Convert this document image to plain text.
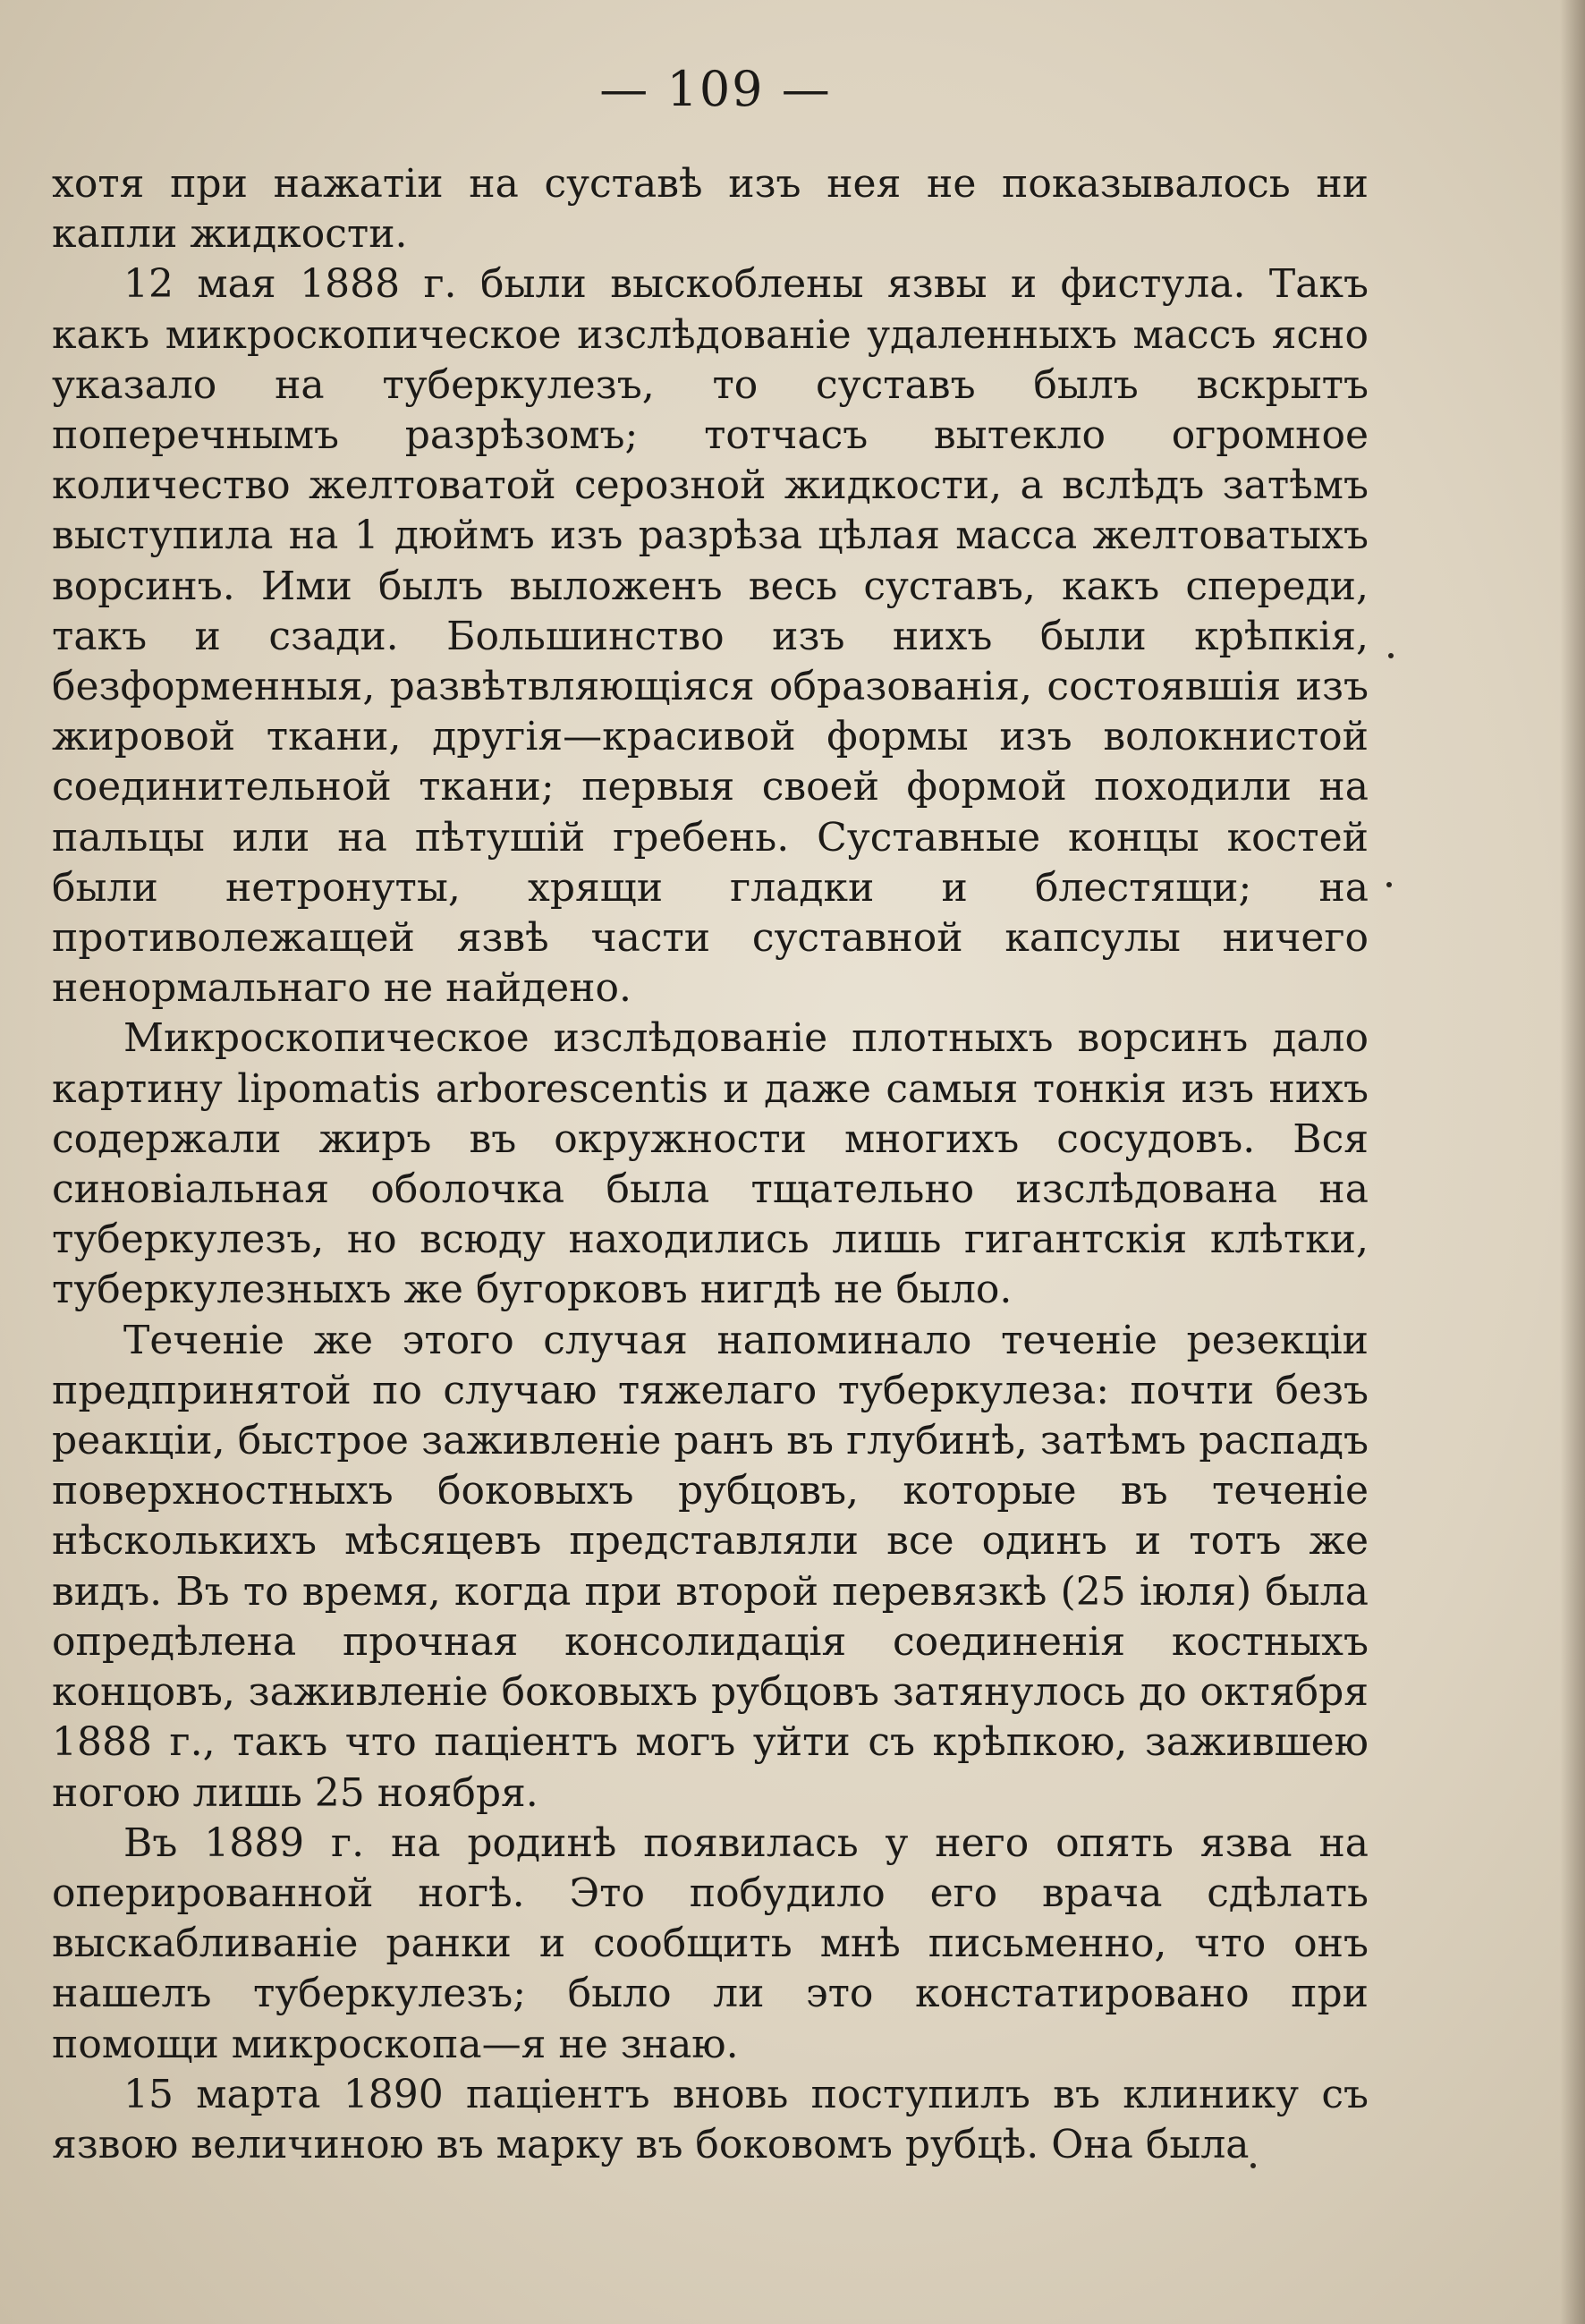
— 109 —

хотя при нажатіи на суставѣ изъ нея не показывалось ни капли жидкости.

12 мая 1888 г. были выскоблены язвы и фистула. Такъ какъ микроскопическое изслѣдованіе удаленныхъ массъ ясно указало на туберкулезъ, то суставъ былъ вскрытъ поперечнымъ разрѣзомъ; тотчасъ вытекло огромное количество желтоватой серозной жидкости, а вслѣдъ затѣмъ выступила на 1 дюймъ изъ разрѣза цѣлая масса желтоватыхъ ворсинъ. Ими былъ выложенъ весь суставъ, какъ спереди, такъ и сзади. Большинство изъ нихъ были крѣпкія, безформенныя, развѣтвляющіяся образованія, состоявшія изъ жировой ткани, другія—красивой формы изъ волокнистой соединительной ткани; первыя своей формой походили на пальцы или на пѣтушій гребень. Суставные концы костей были нетронуты, хрящи гладки и блестящи; на противолежащей язвѣ части суставной капсулы ничего ненормальнаго не найдено.

Микроскопическое изслѣдованіе плотныхъ ворсинъ дало картину lipomatis arborescentis и даже самыя тонкія изъ нихъ содержали жиръ въ окружности многихъ сосудовъ. Вся синовіальная оболочка была тщательно изслѣдована на туберкулезъ, но всюду находились лишь гигантскія клѣтки, туберкулезныхъ же бугорковъ нигдѣ не было.

Теченіе же этого случая напоминало теченіе резекціи предпринятой по случаю тяжелаго туберкулеза: почти безъ реакціи, быстрое заживленіе ранъ въ глубинѣ, затѣмъ распадъ поверхностныхъ боковыхъ рубцовъ, которые въ теченіе нѣсколькихъ мѣсяцевъ представляли все одинъ и тотъ же видъ. Въ то время, когда при второй перевязкѣ (25 іюля) была опредѣлена прочная консолидація соединенія костныхъ концовъ, заживленіе боковыхъ рубцовъ затянулось до октября 1888 г., такъ что паціентъ могъ уйти съ крѣпкою, зажившею ногою лишь 25 ноября.

Въ 1889 г. на родинѣ появилась у него опять язва на оперированной ногѣ. Это побудило его врача сдѣлать выскабливаніе ранки и сообщить мнѣ письменно, что онъ нашелъ туберкулезъ; было ли это констатировано при помощи микроскопа—я не знаю.

15 марта 1890 паціентъ вновь поступилъ въ клинику съ язвою величиною въ марку въ боковомъ рубцѣ. Она была
